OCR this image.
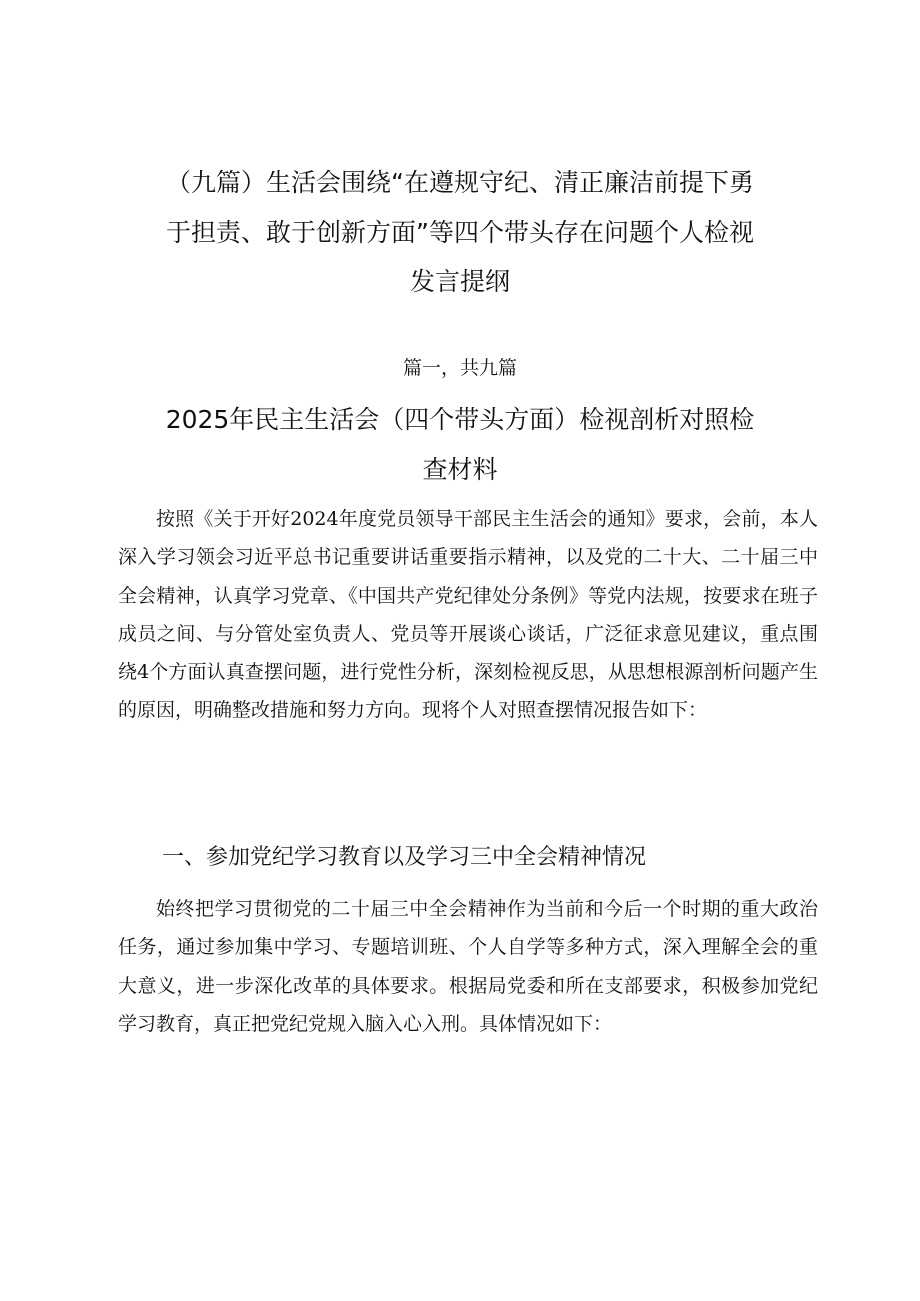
（九篇）生活会围绕“在遵规守纪、清正廉洁前提下勇
于担责、敢于创新方面”等四个带头存在问题个人检视
发言提纲
篇一，共九篇
2025年民主生活会（四个带头方面）检视剖析对照检
查材料

按照《关于开好2024年度党员领导干部民主生活会的通知》要求，会前，本人深入学习领会习近平总书记重要讲话重要指示精神，以及党的二十大、二十届三中全会精神，认真学习党章、《中国共产党纪律处分条例》等党内法规，按要求在班子成员之间、与分管处室负责人、党员等开展谈心谈话，广泛征求意见建议，重点围绕4个方面认真查摆问题，进行党性分析，深刻检视反思，从思想根源剖析问题产生的原因，明确整改措施和努力方向。现将个人对照查摆情况报告如下：

一、参加党纪学习教育以及学习三中全会精神情况

始终把学习贯彻党的二十届三中全会精神作为当前和今后一个时期的重大政治任务，通过参加集中学习、专题培训班、个人自学等多种方式，深入理解全会的重大意义，进一步深化改革的具体要求。根据局党委和所在支部要求，积极参加党纪学习教育，真正把党纪党规入脑入心入刑。具体情况如下：
